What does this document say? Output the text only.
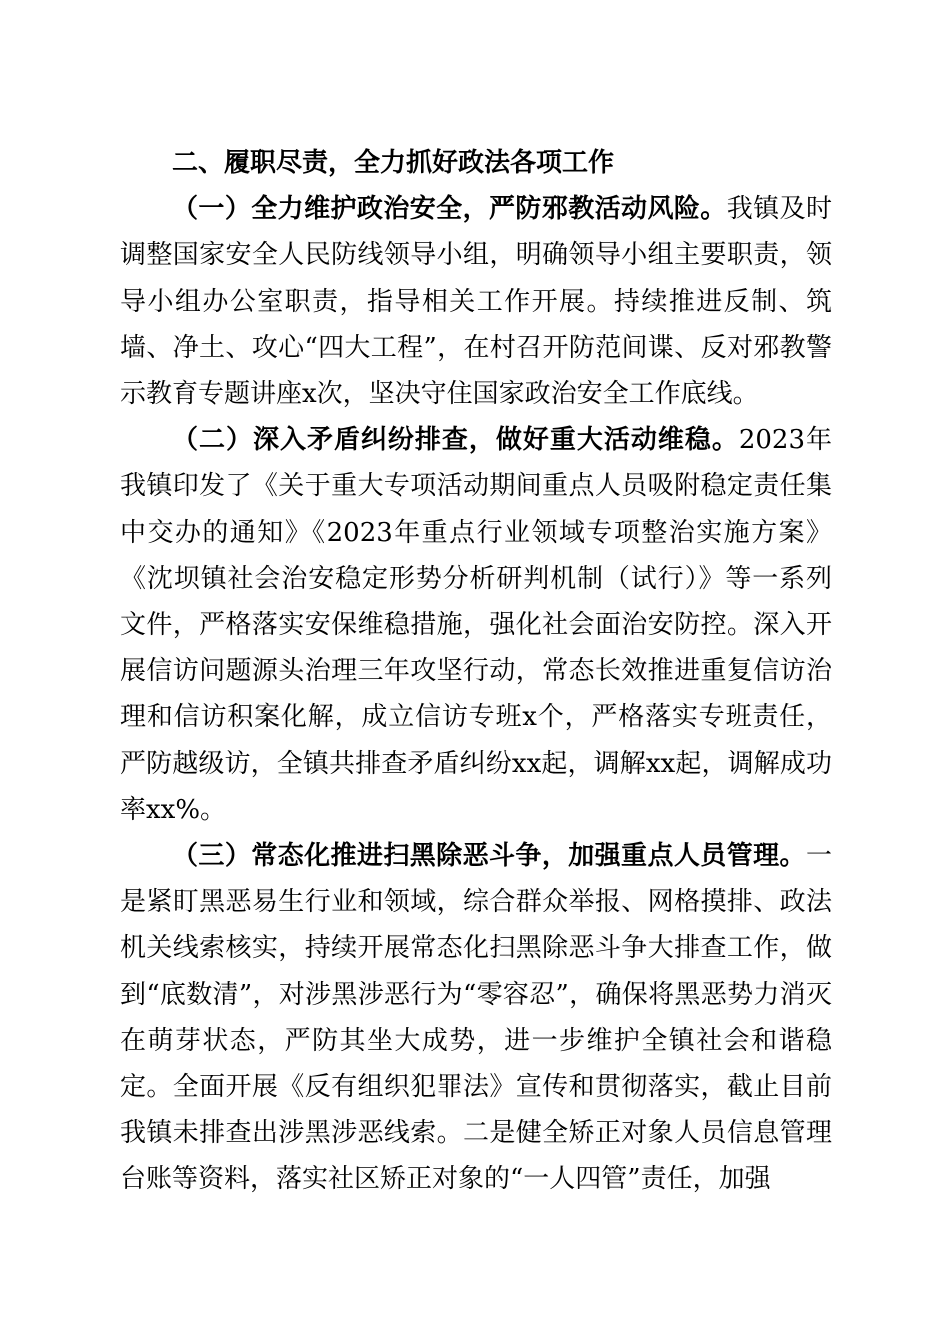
二、履职尽责，全力抓好政法各项工作

（一）全力维护政治安全，严防邪教活动风险。我镇及时调整国家安全人民防线领导小组，明确领导小组主要职责，领导小组办公室职责，指导相关工作开展。持续推进反制、筑墙、净土、攻心“四大工程”，在村召开防范间谍、反对邪教警示教育专题讲座x次，坚决守住国家政治安全工作底线。

（二）深入矛盾纠纷排查，做好重大活动维稳。2023年我镇印发了《关于重大专项活动期间重点人员吸附稳定责任集中交办的通知》《2023年重点行业领域专项整治实施方案》《沈坝镇社会治安稳定形势分析研判机制（试行）》等一系列文件，严格落实安保维稳措施，强化社会面治安防控。深入开展信访问题源头治理三年攻坚行动，常态长效推进重复信访治理和信访积案化解，成立信访专班x个，严格落实专班责任，严防越级访，全镇共排查矛盾纠纷xx起，调解xx起，调解成功率xx%。

（三）常态化推进扫黑除恶斗争，加强重点人员管理。一是紧盯黑恶易生行业和领域，综合群众举报、网格摸排、政法机关线索核实，持续开展常态化扫黑除恶斗争大排查工作，做到“底数清”，对涉黑涉恶行为“零容忍”，确保将黑恶势力消灭在萌芽状态，严防其坐大成势，进一步维护全镇社会和谐稳定。全面开展《反有组织犯罪法》宣传和贯彻落实，截止目前我镇未排查出涉黑涉恶线索。二是健全矫正对象人员信息管理台账等资料，落实社区矫正对象的“一人四管”责任，加强
